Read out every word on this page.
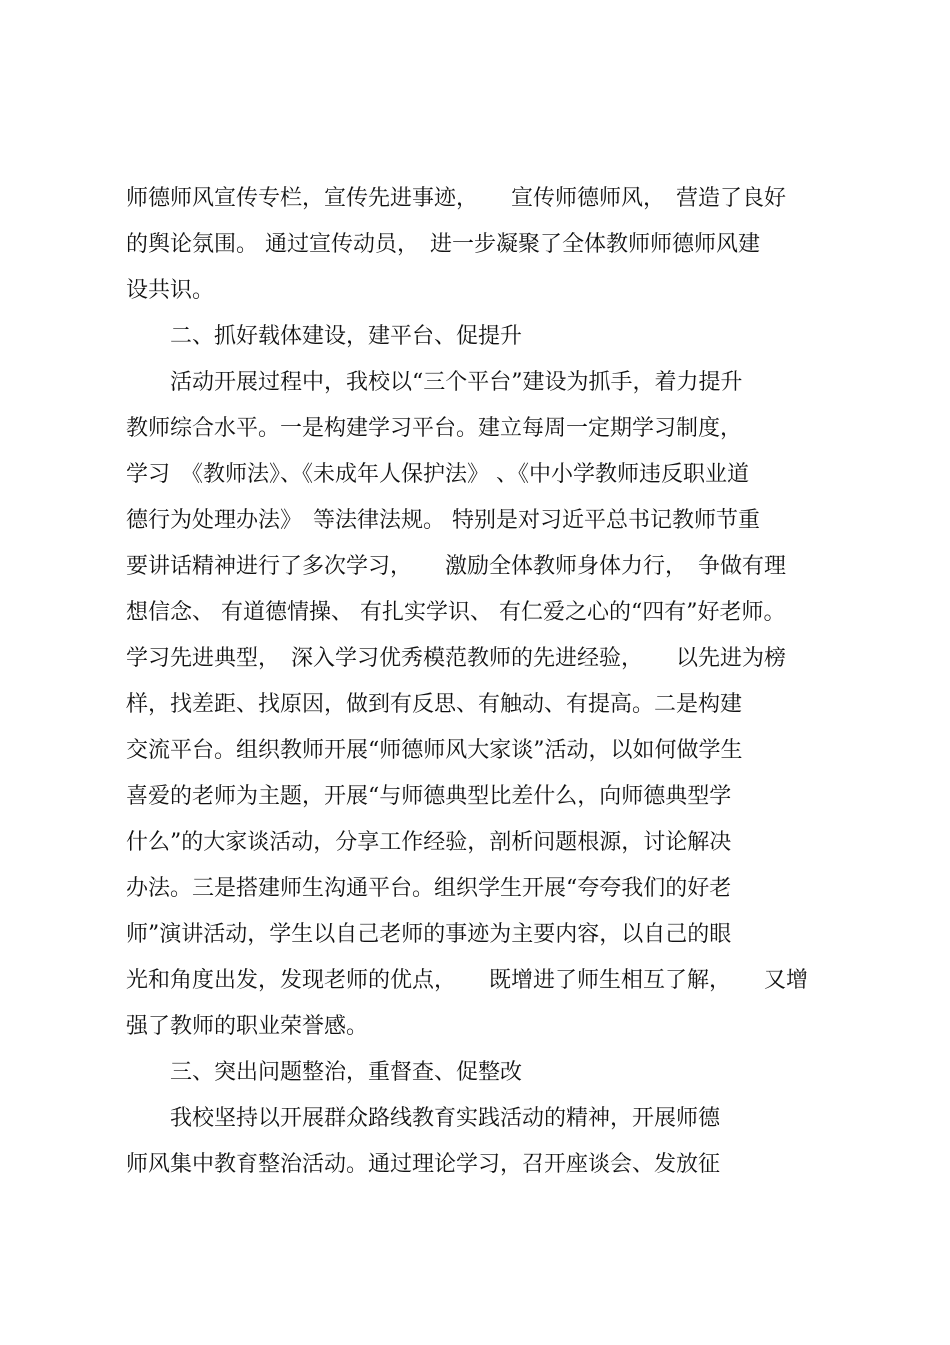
师德师风宣传专栏，宣传先进事迹，　　宣传师德师风，　营造了良好
的舆论氛围。 通过宣传动员，　进一步凝聚了全体教师师德师风建
设共识。
　　二、抓好载体建设，建平台、促提升
　　活动开展过程中，我校以“三个平台”建设为抓手，着力提升
教师综合水平。一是构建学习平台。建立每周一定期学习制度，
学习　《教师法》、《未成年人保护法》 、《中小学教师违反职业道
德行为处理办法》　等法律法规。 特别是对习近平总书记教师节重
要讲话精神进行了多次学习，　　激励全体教师身体力行，　争做有理
想信念、 有道德情操、 有扎实学识、 有仁爱之心的“四有”好老师。
学习先进典型，　深入学习优秀模范教师的先进经验，　　以先进为榜
样，找差距、找原因，做到有反思、有触动、有提高。二是构建
交流平台。组织教师开展“师德师风大家谈”活动，以如何做学生
喜爱的老师为主题，开展“与师德典型比差什么，向师德典型学
什么”的大家谈活动，分享工作经验，剖析问题根源，讨论解决
办法。三是搭建师生沟通平台。组织学生开展“夸夸我们的好老
师”演讲活动，学生以自己老师的事迹为主要内容，以自己的眼
光和角度出发，发现老师的优点，　　既增进了师生相互了解，　　又增
强了教师的职业荣誉感。
　　三、突出问题整治，重督查、促整改
　　我校坚持以开展群众路线教育实践活动的精神，开展师德
师风集中教育整治活动。通过理论学习，召开座谈会、发放征
